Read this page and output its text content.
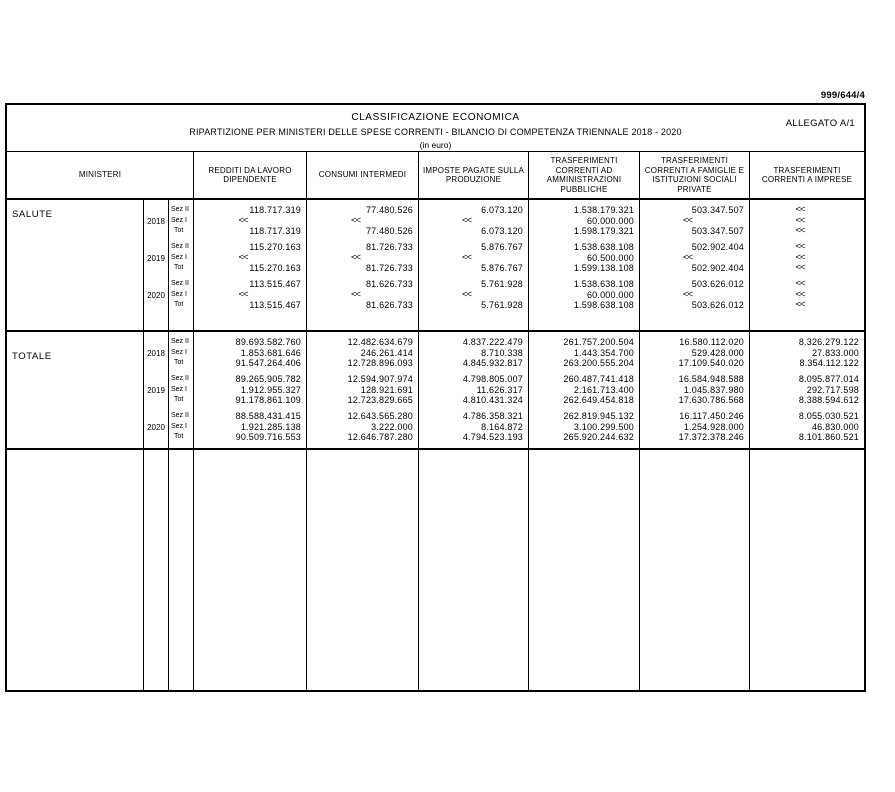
999/644/4
CLASSIFICAZIONE ECONOMICA
RIPARTIZIONE PER MINISTERI DELLE SPESE CORRENTI - BILANCIO DI COMPETENZA TRIENNALE 2018 - 2020
(in euro)
ALLEGATO A/1
MINISTERI
REDDITI DA LAVORO DIPENDENTE
CONSUMI INTERMEDI
IMPOSTE PAGATE SULLA PRODUZIONE
TRASFERIMENTI CORRENTI AD AMMINISTRAZIONI PUBBLICHE
TRASFERIMENTI CORRENTI A FAMIGLIE E ISTITUZIONI SOCIALI PRIVATE
TRASFERIMENTI CORRENTI A IMPRESE
SALUTE
2018
2019
2020
Sez II
Sez I
Tot
Sez II
Sez I
Tot
Sez II
Sez I
Tot
118.717.319
<<
118.717.319
115.270.163
<<
115.270.163
113.515.467
<<
113.515.467
77.480.526
<<
77.480.526
81.726.733
<<
81.726.733
81.626.733
<<
81.626.733
6.073.120
<<
6.073.120
5.876.767
<<
5.876.767
5.761.928
<<
5.761.928
1.538.179.321
60.000.000
1.598.179.321
1.538.638.108
60.500.000
1.599.138.108
1.538.638.108
60.000.000
1.598.638.108
503.347.507
<<
503.347.507
502.902.404
<<
502.902.404
503.626.012
<<
503.626.012
<<
<<
<<
<<
<<
<<
<<
<<
<<
TOTALE	2018
2019
2020
Sez II
Sez I
Tot
Sez II
Sez I
Tot
Sez II
Sez I
Tot
89.693.582.760
1.853.681.646
91.547.264.406
89.265.905.782
1.912.955.327
91.178.861.109
88.588.431.415
1.921.285.138
90.509.716.553
12.482.634.679
246.261.414
12.728.896.093
12.594.907.974
128.921.691
12.723.829.665
12.643.565.280
3.222.000
12.646.787.280
4.837.222.479
8.710.338
4.845.932.817
4.798.805.007
11.626.317
4.810.431.324
4.786.358.321
8.164.872
4.794.523.193
261.757.200.504
1.443.354.700
263.200.555.204
260.487.741.418
2.161.713.400
262.649.454.818
262.819.945.132
3.100.299.500
265.920.244.632
16.580.112.020
529.428.000
17.109.540.020
16.584.948.588
1.045.837.980
17.630.786.568
16.117.450.246
1.254.928.000
17.372.378.246
8.326.279.122
27.833.000
8.354.112.122
8.095.877.014
292.717.598
8.388.594.612
8.055.030.521
46.830.000
8.101.860.521
